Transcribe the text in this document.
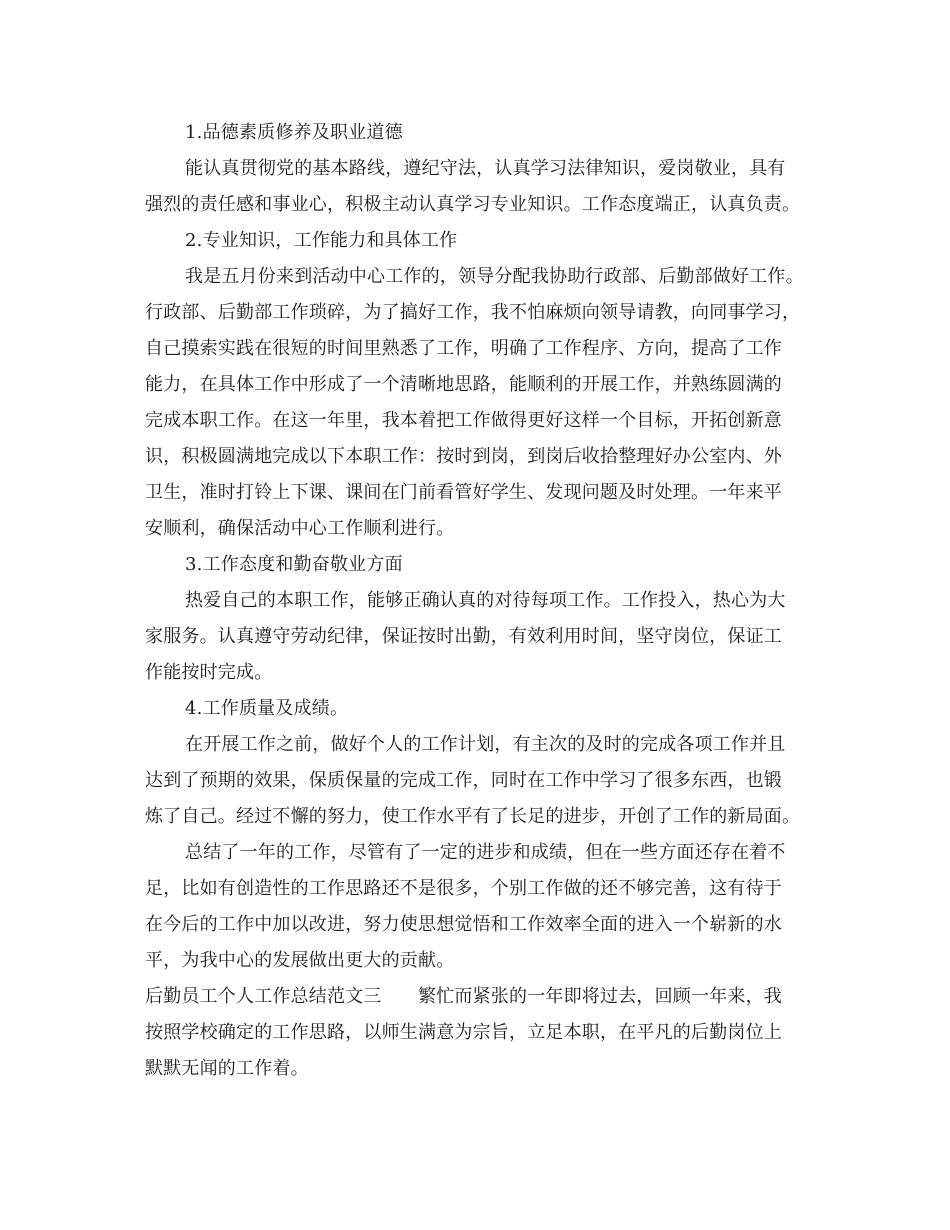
1.品德素质修养及职业道德
能认真贯彻党的基本路线，遵纪守法，认真学习法律知识，爱岗敬业，具有
强烈的责任感和事业心，积极主动认真学习专业知识。工作态度端正，认真负责。
2.专业知识，工作能力和具体工作
我是五月份来到活动中心工作的，领导分配我协助行政部、后勤部做好工作。
行政部、后勤部工作琐碎，为了搞好工作，我不怕麻烦向领导请教，向同事学习，
自己摸索实践在很短的时间里熟悉了工作，明确了工作程序、方向，提高了工作
能力，在具体工作中形成了一个清晰地思路，能顺利的开展工作，并熟练圆满的
完成本职工作。在这一年里，我本着把工作做得更好这样一个目标，开拓创新意
识，积极圆满地完成以下本职工作：按时到岗，到岗后收拾整理好办公室内、外
卫生，准时打铃上下课、课间在门前看管好学生、发现问题及时处理。一年来平
安顺利，确保活动中心工作顺利进行。
3.工作态度和勤奋敬业方面
热爱自己的本职工作，能够正确认真的对待每项工作。工作投入，热心为大
家服务。认真遵守劳动纪律，保证按时出勤，有效利用时间，坚守岗位，保证工
作能按时完成。
4.工作质量及成绩。
在开展工作之前，做好个人的工作计划，有主次的及时的完成各项工作并且
达到了预期的效果，保质保量的完成工作，同时在工作中学习了很多东西，也锻
炼了自己。经过不懈的努力，使工作水平有了长足的进步，开创了工作的新局面。
总结了一年的工作，尽管有了一定的进步和成绩，但在一些方面还存在着不
足，比如有创造性的工作思路还不是很多，个别工作做的还不够完善，这有待于
在今后的工作中加以改进，努力使思想觉悟和工作效率全面的进入一个崭新的水
平，为我中心的发展做出更大的贡献。
后勤员工个人工作总结范文三　　繁忙而紧张的一年即将过去，回顾一年来，我
按照学校确定的工作思路，以师生满意为宗旨，立足本职，在平凡的后勤岗位上
默默无闻的工作着。
